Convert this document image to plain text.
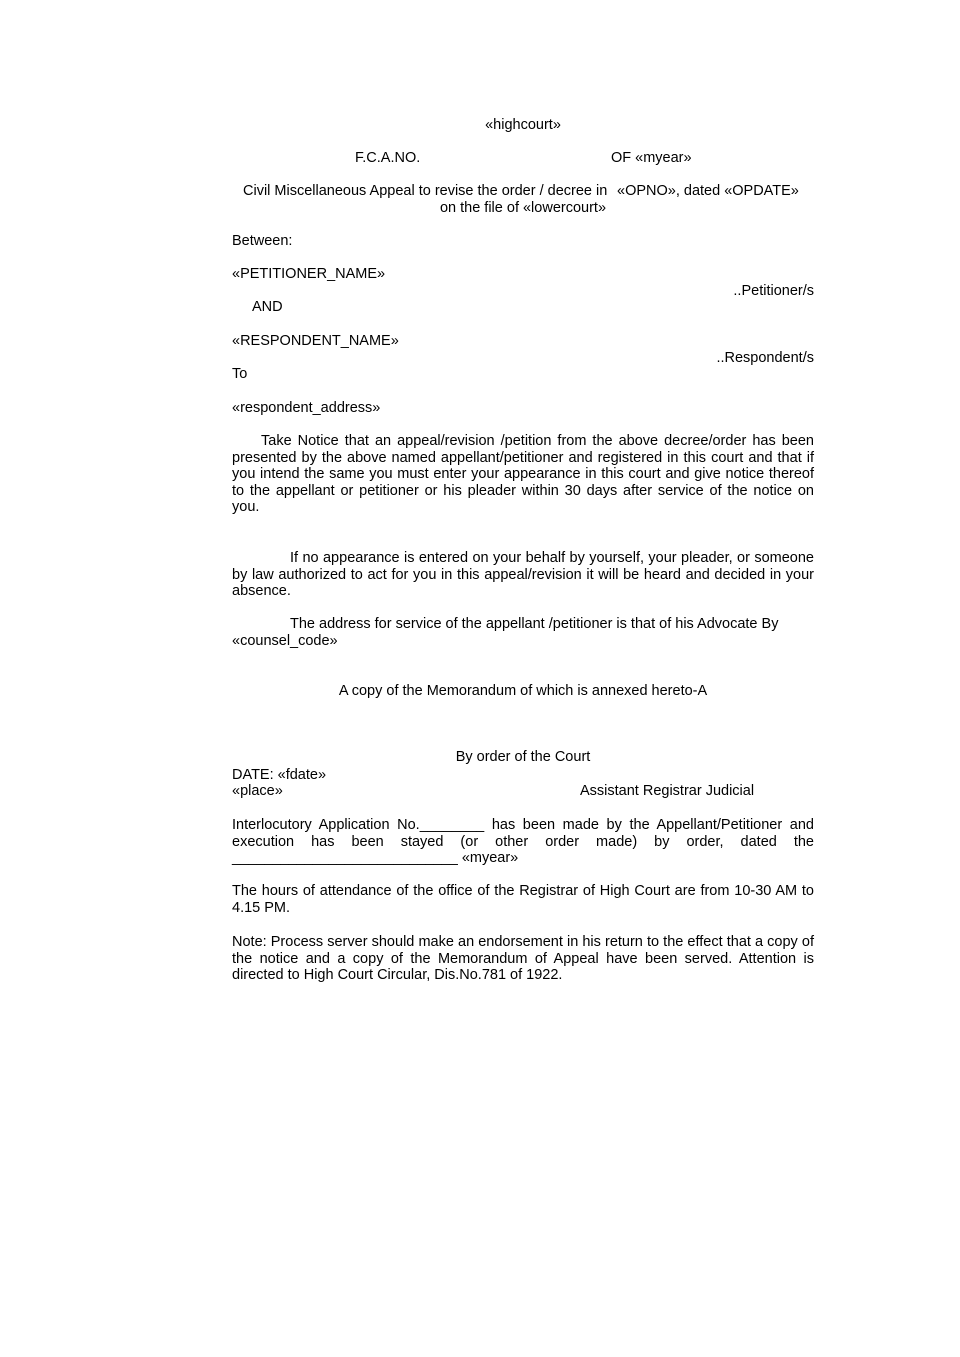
«highcourt»
F.C.A.NO.	OF «myear»
Civil Miscellaneous Appeal to revise the order / decree in «OPNO», dated «OPDATE»
on the file of «lowercourt»
Between:
«PETITIONER_NAME»
..Petitioner/s
AND
«RESPONDENT_NAME»
..Respondent/s
To
«respondent_address»
Take Notice that an appeal/revision /petition from the above decree/order has been presented by the above named appellant/petitioner and registered in this court and that if you intend the same you must enter your appearance in this court and give notice thereof to the appellant or petitioner or his pleader within 30 days after service of the notice on you.
If no appearance is entered on your behalf by yourself, your pleader, or someone by law authorized to act for you in this appeal/revision it will be heard and decided in your absence.
The address for service of the appellant /petitioner is that of his Advocate By «counsel_code»
A copy of the Memorandum of which is annexed hereto-A
By order of the Court
DATE: «fdate»
«place»	Assistant Registrar Judicial
Interlocutory Application No.________ has been made by the Appellant/Petitioner and execution has been stayed (or other order made) by order, dated the ____________________________ «myear»
The hours of attendance of the office of the Registrar of High Court are from 10-30 AM to 4.15 PM.
Note: Process server should make an endorsement in his return to the effect that a copy of the notice and a copy of the Memorandum of Appeal have been served. Attention is directed to High Court Circular, Dis.No.781 of 1922.
